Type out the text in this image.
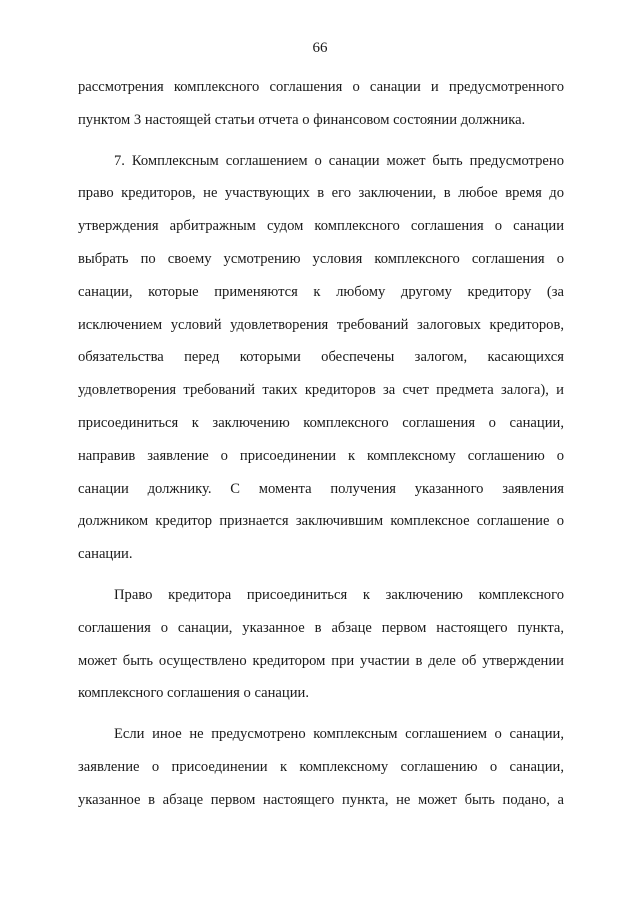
66
рассмотрения комплексного соглашения о санации и предусмотренного
пунктом 3 настоящей статьи отчета о финансовом состоянии должника.
7. Комплексным соглашением о санации может быть предусмотрено
право кредиторов, не участвующих в его заключении, в любое время до
утверждения арбитражным судом комплексного соглашения о санации
выбрать по своему усмотрению условия комплексного соглашения о
санации, которые применяются к любому другому кредитору (за
исключением условий удовлетворения требований залоговых кредиторов,
обязательства перед которыми обеспечены залогом, касающихся
удовлетворения требований таких кредиторов за счет предмета залога), и
присоединиться к заключению комплексного соглашения о санации,
направив заявление о присоединении к комплексному соглашению о
санации должнику. С момента получения указанного заявления
должником кредитор признается заключившим комплексное соглашение о
санации.
Право кредитора присоединиться к заключению комплексного
соглашения о санации, указанное в абзаце первом настоящего пункта,
может быть осуществлено кредитором при участии в деле об утверждении
комплексного соглашения о санации.
Если иное не предусмотрено комплексным соглашением о санации,
заявление о присоединении к комплексному соглашению о санации,
указанное в абзаце первом настоящего пункта, не может быть подано, а
